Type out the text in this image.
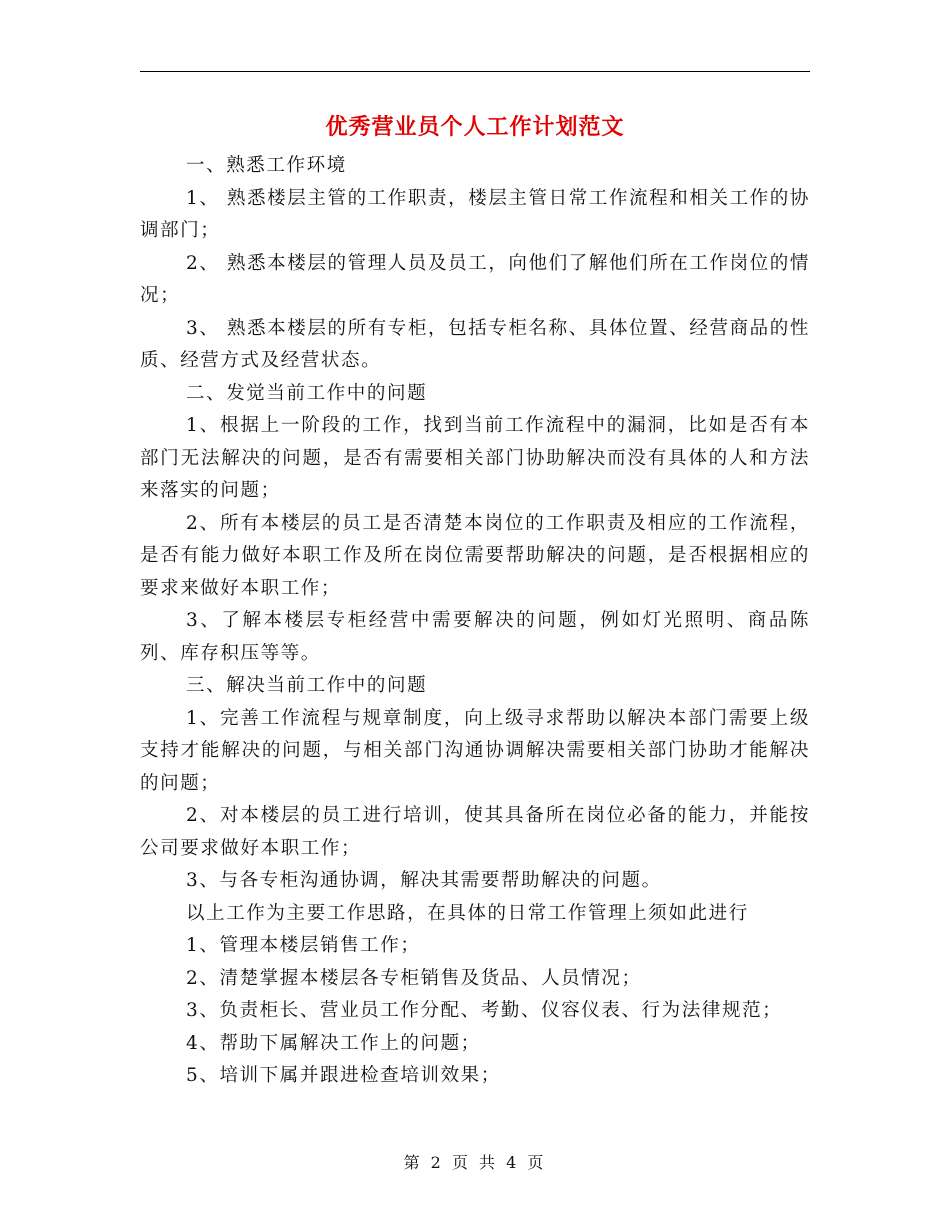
优秀营业员个人工作计划范文

一、熟悉工作环境

1、 熟悉楼层主管的工作职责，楼层主管日常工作流程和相关工作的协调部门；

2、 熟悉本楼层的管理人员及员工，向他们了解他们所在工作岗位的情况；

3、 熟悉本楼层的所有专柜，包括专柜名称、具体位置、经营商品的性质、经营方式及经营状态。

二、发觉当前工作中的问题

1、根据上一阶段的工作，找到当前工作流程中的漏洞，比如是否有本部门无法解决的问题，是否有需要相关部门协助解决而没有具体的人和方法来落实的问题；

2、所有本楼层的员工是否清楚本岗位的工作职责及相应的工作流程，是否有能力做好本职工作及所在岗位需要帮助解决的问题，是否根据相应的要求来做好本职工作；

3、了解本楼层专柜经营中需要解决的问题，例如灯光照明、商品陈列、库存积压等等。

三、解决当前工作中的问题

1、完善工作流程与规章制度，向上级寻求帮助以解决本部门需要上级支持才能解决的问题，与相关部门沟通协调解决需要相关部门协助才能解决的问题；

2、对本楼层的员工进行培训，使其具备所在岗位必备的能力，并能按公司要求做好本职工作；

3、与各专柜沟通协调，解决其需要帮助解决的问题。

以上工作为主要工作思路，在具体的日常工作管理上须如此进行

1、管理本楼层销售工作；

2、清楚掌握本楼层各专柜销售及货品、人员情况；

3、负责柜长、营业员工作分配、考勤、仪容仪表、行为法律规范；

4、帮助下属解决工作上的问题；

5、培训下属并跟进检查培训效果；

第 2 页 共 4 页
